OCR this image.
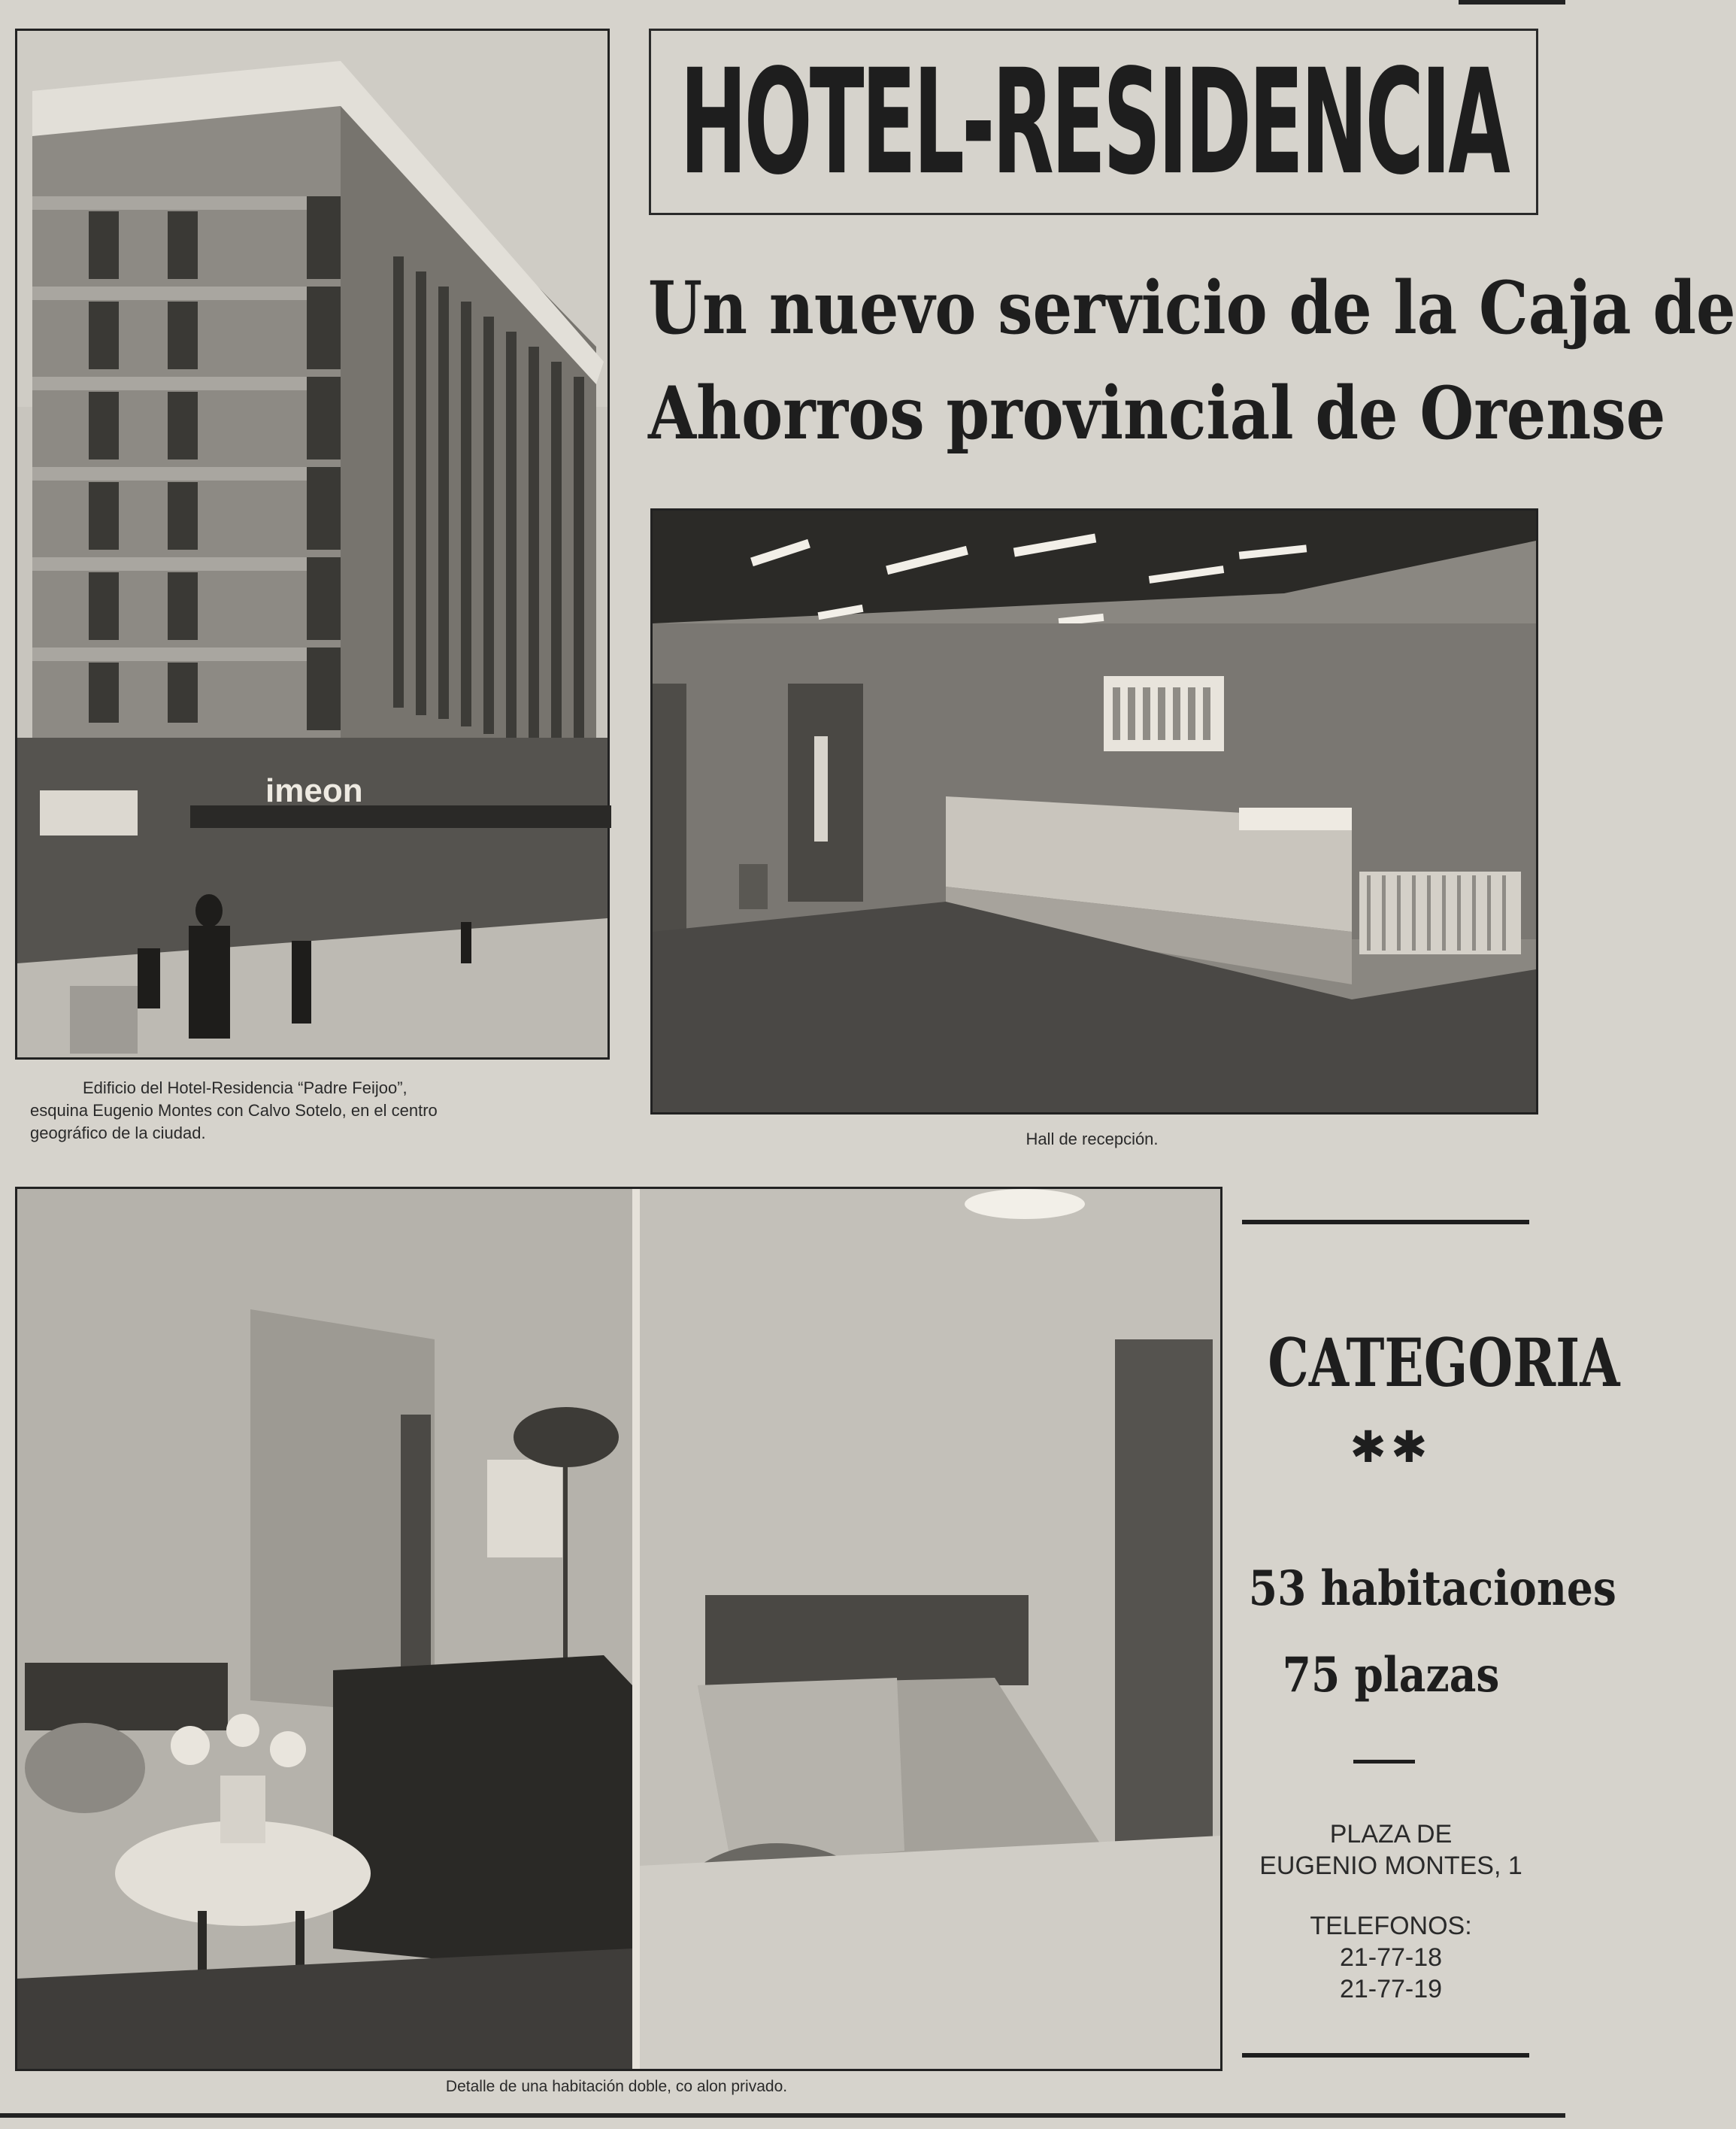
imeon
Edificio del Hotel-Residencia “Padre Feijoo”,
esquina Eugenio Montes con Calvo Sotelo, en el centro
geográfico de la ciudad.
HOTEL-RESIDENCIA
Un nuevo servicio de la Caja de
Ahorros provincial de Orense
Hall de recepción.
Detalle de una habitación doble, co alon privado.
CATEGORIA
✱✱
53 habitaciones
75 plazas
PLAZA DE
EUGENIO MONTES, 1
TELEFONOS:
21-77-18
21-77-19
